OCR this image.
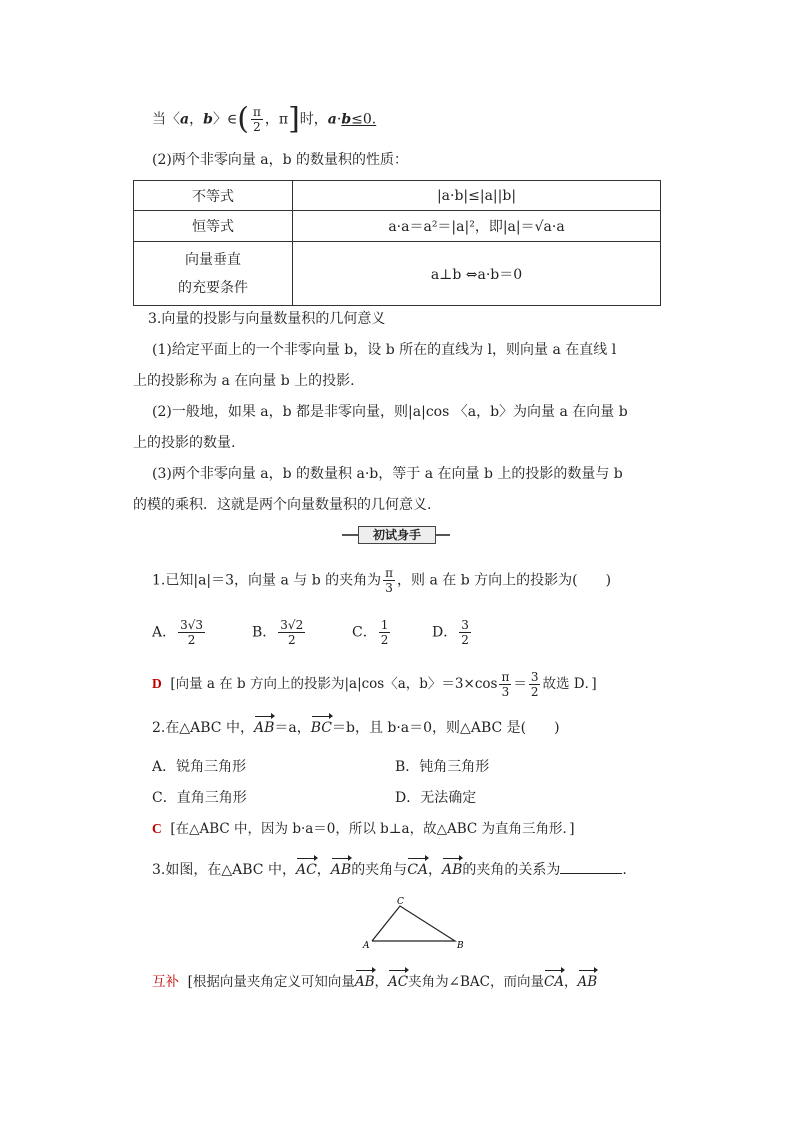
当〈a，b〉∈( $\frac{\pi}{2}$ ，π]时，a·b≤0.
(2)两个非零向量 a，b 的数量积的性质：
不等式	|a·b|≤|a||b|
恒等式	a·a＝a²＝|a|²，即|a|＝√a·a
向量垂直
的充要条件	a⊥b ⇔a·b＝0
3.向量的投影与向量数量积的几何意义
(1)给定平面上的一个非零向量 b，设 b 所在的直线为 l，则向量 a 在直线 l
上的投影称为 a 在向量 b 上的投影.
(2)一般地，如果 a，b 都是非零向量，则|a|cos 〈a，b〉为向量 a 在向量 b
上的投影的数量.
(3)两个非零向量 a，b 的数量积 a·b，等于 a 在向量 b 上的投影的数量与 b
的模的乘积．这就是两个向量数量积的几何意义.
初试身手
1.已知|a|＝3，向量 a 与 b 的夹角为 $\frac{\pi}{3}$ ，则 a 在 b 方向上的投影为(　　)
A． $\frac{3√3}{2}$	B． $\frac{3√2}{2}$	C． $\frac{1}{2}$	D． $\frac{3}{2}$
D [向量 a 在 b 方向上的投影为|a|cos〈a，b〉$=3\times\cos \frac{\pi}{3} = \frac{3}{2}$ 故选 D．]
2.在△ABC 中，AB＝a，BC＝b，且 b·a＝0，则△ABC 是(　　)
A．锐角三角形	B．钝角三角形
C．直角三角形	D．无法确定
C [在△ABC 中，因为 b·a＝0，所以 b⊥a，故△ABC 为直角三角形．]
3.如图，在△ABC 中，AC，AB的夹角与CA，AB的夹角的关系为	.
C
A	B
互补 [根据向量夹角定义可知向量AB，AC夹角为∠BAC，而向量CA，AB
